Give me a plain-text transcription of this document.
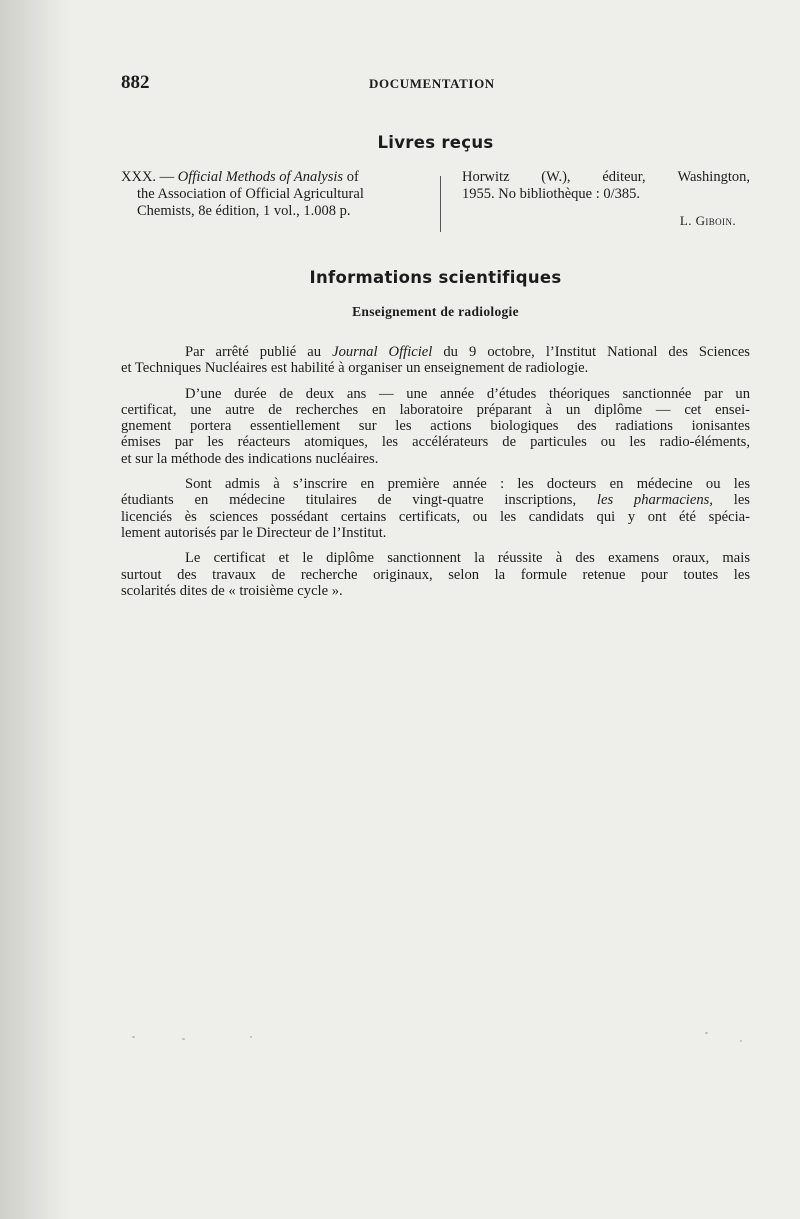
882	DOCUMENTATION
Livres reçus
XXX. — Official Methods of Analysis of
the Association of Official Agricultural
Chemists, 8e édition, 1 vol., 1.008 p.
Horwitz (W.), éditeur, Washington,
1955. No bibliothèque : 0/385.
L. Giboin.
Informations scientifiques
Enseignement de radiologie
Par arrêté publié au Journal Officiel du 9 octobre, l’Institut National des Sciences
et Techniques Nucléaires est habilité à organiser un enseignement de radiologie.
D’une durée de deux ans — une année d’études théoriques sanctionnée par un
certificat, une autre de recherches en laboratoire préparant à un diplôme — cet ensei-
gnement portera essentiellement sur les actions biologiques des radiations ionisantes
émises par les réacteurs atomiques, les accélérateurs de particules ou les radio-éléments,
et sur la méthode des indications nucléaires.
Sont admis à s’inscrire en première année : les docteurs en médecine ou les
étudiants en médecine titulaires de vingt-quatre inscriptions, les pharmaciens, les
licenciés ès sciences possédant certains certificats, ou les candidats qui y ont été spécia-
lement autorisés par le Directeur de l’Institut.
Le certificat et le diplôme sanctionnent la réussite à des examens oraux, mais
surtout des travaux de recherche originaux, selon la formule retenue pour toutes les
scolarités dites de « troisième cycle ».
